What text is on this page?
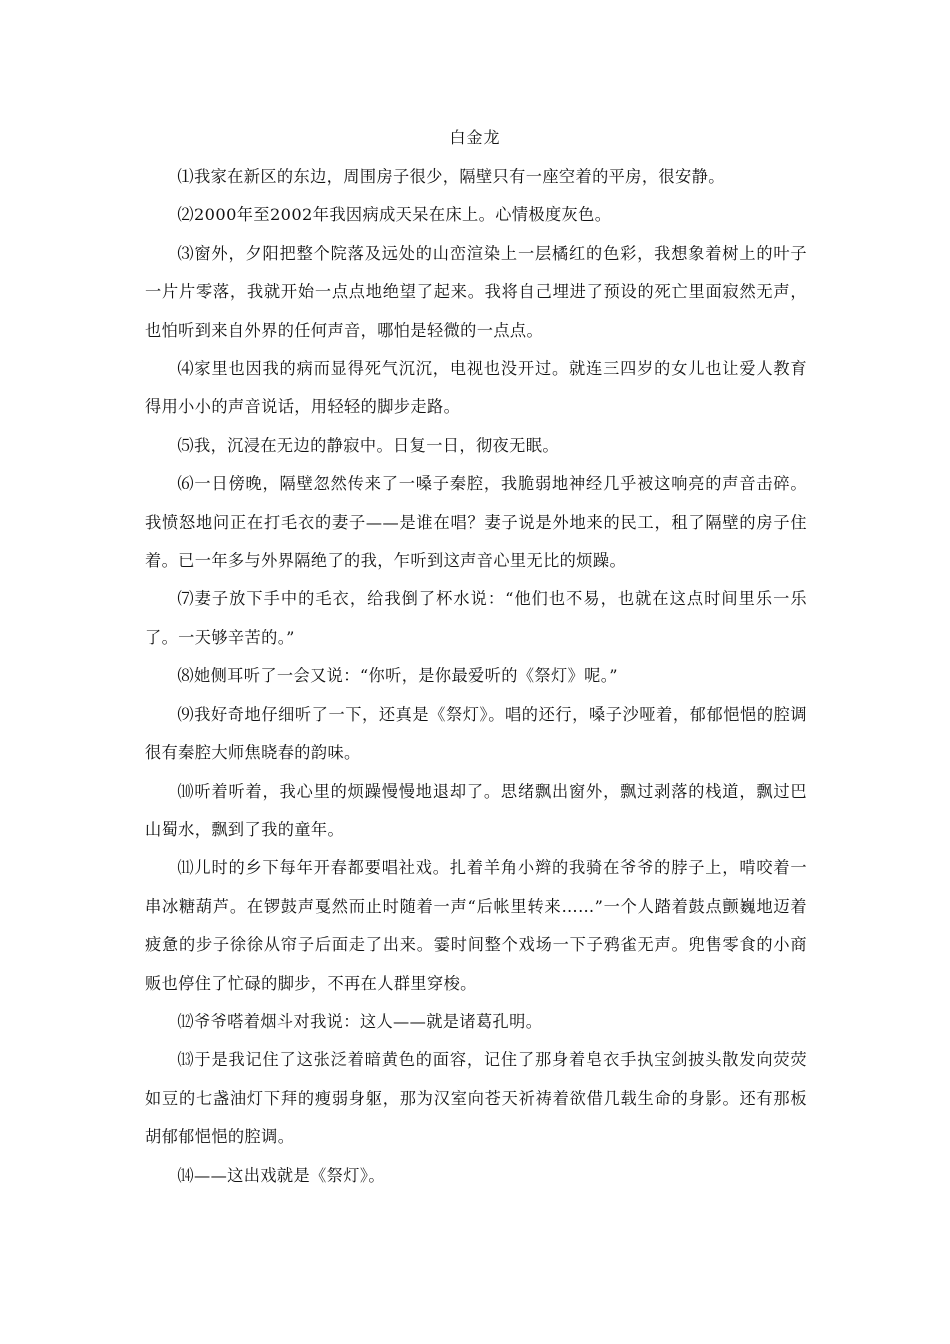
白金龙

⑴我家在新区的东边，周围房子很少，隔壁只有一座空着的平房，很安静。

⑵2000年至2002年我因病成天呆在床上。心情极度灰色。

⑶窗外，夕阳把整个院落及远处的山峦渲染上一层橘红的色彩，我想象着树上的叶子一片片零落，我就开始一点点地绝望了起来。我将自己埋进了预设的死亡里面寂然无声，也怕听到来自外界的任何声音，哪怕是轻微的一点点。

⑷家里也因我的病而显得死气沉沉，电视也没开过。就连三四岁的女儿也让爱人教育得用小小的声音说话，用轻轻的脚步走路。

⑸我，沉浸在无边的静寂中。日复一日，彻夜无眠。

⑹一日傍晚，隔壁忽然传来了一嗓子秦腔，我脆弱地神经几乎被这响亮的声音击碎。我愤怒地问正在打毛衣的妻子——是谁在唱？妻子说是外地来的民工，租了隔壁的房子住着。已一年多与外界隔绝了的我，乍听到这声音心里无比的烦躁。

⑺妻子放下手中的毛衣，给我倒了杯水说：“他们也不易，也就在这点时间里乐一乐了。一天够辛苦的。”

⑻她侧耳听了一会又说：“你听，是你最爱听的《祭灯》呢。”

⑼我好奇地仔细听了一下，还真是《祭灯》。唱的还行，嗓子沙哑着，郁郁悒悒的腔调很有秦腔大师焦晓春的韵味。

⑽听着听着，我心里的烦躁慢慢地退却了。思绪飘出窗外，飘过剥落的栈道，飘过巴山蜀水，飘到了我的童年。

⑾儿时的乡下每年开春都要唱社戏。扎着羊角小辫的我骑在爷爷的脖子上，啃咬着一串冰糖葫芦。在锣鼓声戛然而止时随着一声“后帐里转来……”一个人踏着鼓点颤巍地迈着疲惫的步子徐徐从帘子后面走了出来。霎时间整个戏场一下子鸦雀无声。兜售零食的小商贩也停住了忙碌的脚步，不再在人群里穿梭。

⑿爷爷嗒着烟斗对我说：这人——就是诸葛孔明。

⒀于是我记住了这张泛着暗黄色的面容，记住了那身着皂衣手执宝剑披头散发向荧荧如豆的七盏油灯下拜的瘦弱身躯，那为汉室向苍天祈祷着欲借几载生命的身影。还有那板胡郁郁悒悒的腔调。

⒁——这出戏就是《祭灯》。
